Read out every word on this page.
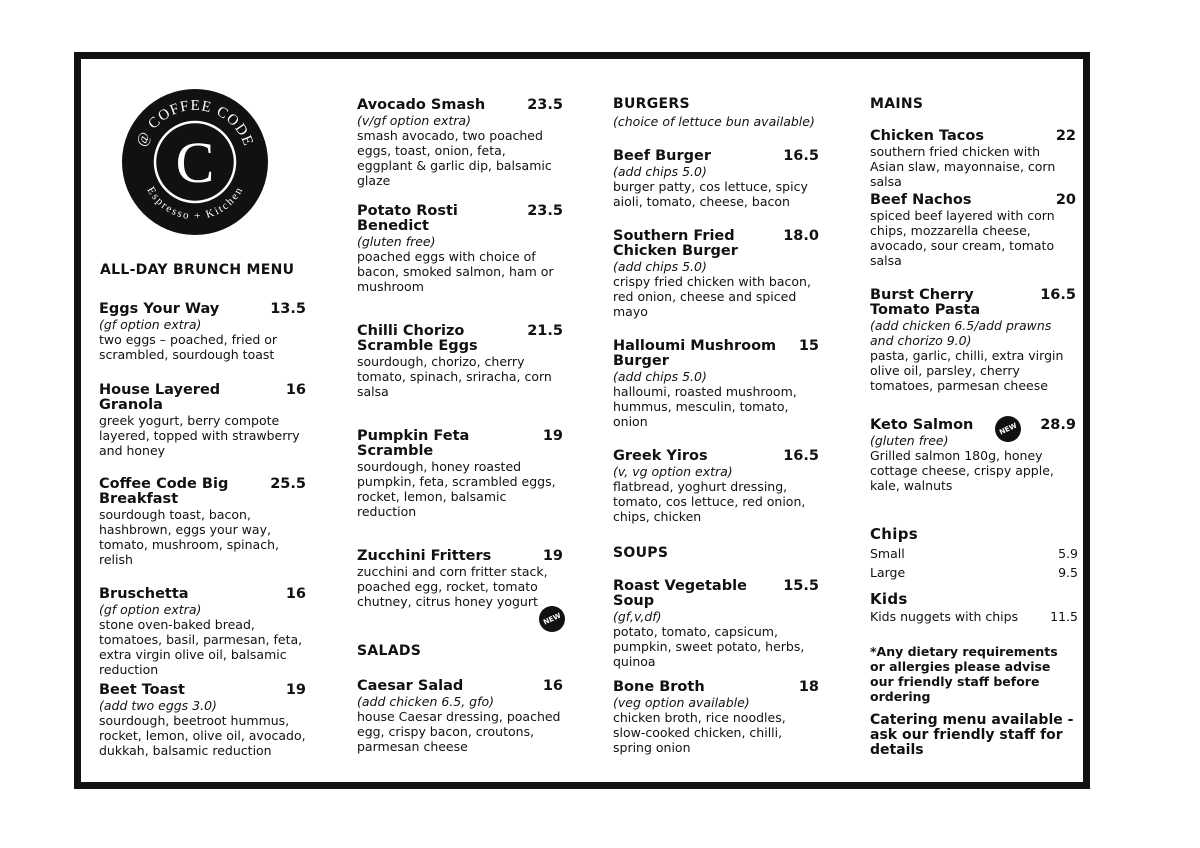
C
@ COFFEE CODE
Espresso + Kitchen
ALL-DAY BRUNCH MENU
Eggs Your Way	13.5
(gf option extra)
two eggs – poached, fried or scrambled, sourdough toast
House Layered Granola
16
greek yogurt, berry compote layered, topped with strawberry and honey
Coffee Code Big Breakfast
25.5
sourdough toast, bacon, hashbrown, eggs your way, tomato, mushroom, spinach, relish
Bruschetta	16
(gf option extra)
stone oven-baked bread, tomatoes, basil, parmesan, feta, extra virgin olive oil, balsamic reduction
Beet Toast	19
(add two eggs 3.0)
sourdough, beetroot hummus, rocket, lemon, olive oil, avocado, dukkah, balsamic reduction
Avocado Smash	23.5
(v/gf option extra)
smash avocado, two poached eggs, toast, onion, feta, eggplant & garlic dip, balsamic glaze
Potato Rosti Benedict
23.5
(gluten free)
poached eggs with choice of bacon, smoked salmon, ham or mushroom
Chilli Chorizo Scramble Eggs
21.5
sourdough, chorizo, cherry tomato, spinach, sriracha, corn salsa
Pumpkin Feta Scramble
19
sourdough, honey roasted pumpkin, feta, scrambled eggs, rocket, lemon, balsamic reduction
Zucchini Fritters	19
zucchini and corn fritter stack, poached egg, rocket, tomato chutney, citrus honey yogurt
NEW
SALADS
Caesar Salad	16
(add chicken 6.5, gfo)
house Caesar dressing, poached egg, crispy bacon, croutons, parmesan cheese
BURGERS
(choice of lettuce bun available)
Beef Burger	16.5
(add chips 5.0)
burger patty, cos lettuce, spicy aioli, tomato, cheese, bacon
Southern Fried Chicken Burger
18.0
(add chips 5.0)
crispy fried chicken with bacon, red onion, cheese and spiced mayo
Halloumi Mushroom Burger
15
(add chips 5.0)
halloumi, roasted mushroom, hummus, mesculin, tomato, onion
Greek Yiros	16.5
(v, vg option extra)
flatbread, yoghurt dressing, tomato, cos lettuce, red onion, chips, chicken
SOUPS
Roast Vegetable Soup
15.5
(gf,v,df)
potato, tomato, capsicum, pumpkin, sweet potato, herbs, quinoa
Bone Broth	18
(veg option available)
chicken broth, rice noodles, slow-cooked chicken, chilli, spring onion
MAINS
Chicken Tacos	22
southern fried chicken with Asian slaw, mayonnaise, corn salsa
Beef Nachos	20
spiced beef layered with corn chips, mozzarella cheese, avocado, sour cream, tomato salsa
Burst Cherry Tomato Pasta
16.5
(add chicken 6.5/add prawns and chorizo 9.0)
pasta, garlic, chilli, extra virgin olive oil, parsley, cherry tomatoes, parmesan cheese
Keto Salmon	28.9
(gluten free)
Grilled salmon 180g, honey cottage cheese, crispy apple, kale, walnuts
NEW
Chips
Small	5.9
Large	9.5
Kids
Kids nuggets with chips	11.5
*Any dietary requirements or allergies please advise our friendly staff before ordering
Catering menu available - ask our friendly staff for details
